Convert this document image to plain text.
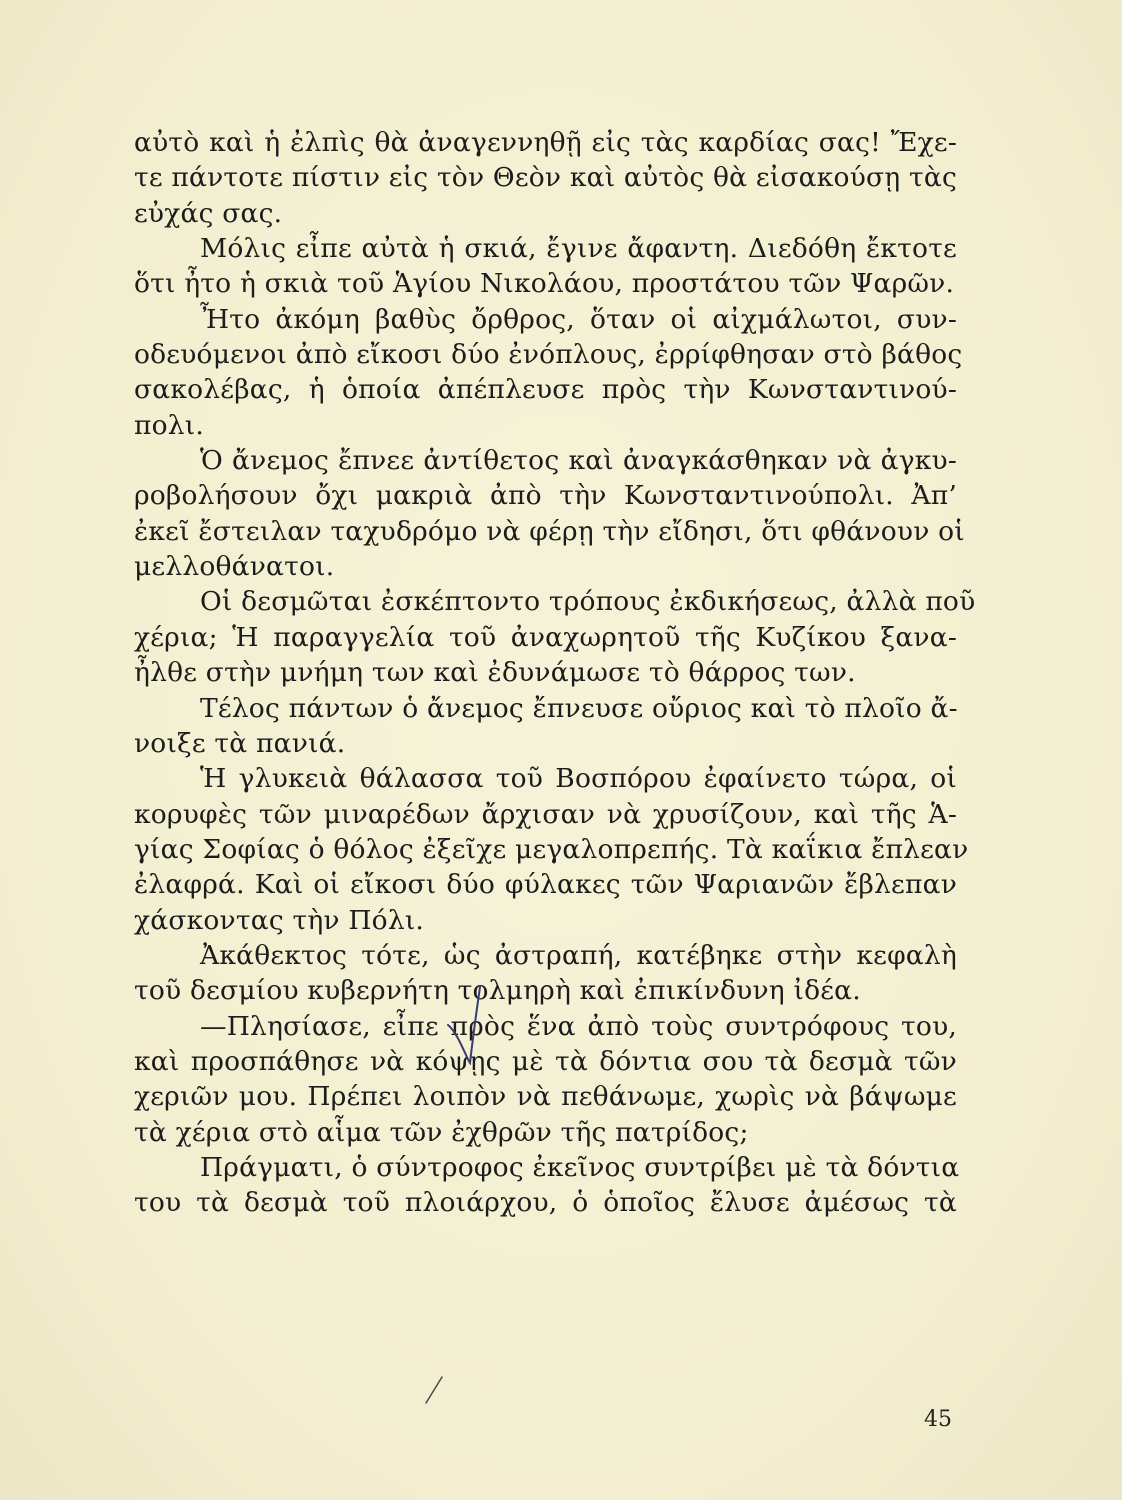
αὐτὸ καὶ ἡ ἐλπὶς θὰ ἀναγεννηθῇ εἰς τὰς καρδίας σας! Ἔχε-
τε πάντοτε πίστιν εἰς τὸν Θεὸν καὶ αὐτὸς θὰ εἰσακούσῃ τὰς
εὐχάς σας.
Μόλις εἶπε αὐτὰ ἡ σκιά, ἔγινε ἄφαντη. Διεδόθη ἔκτοτε
ὅτι ἦτο ἡ σκιὰ τοῦ Ἁγίου Νικολάου, προστάτου τῶν Ψαρῶν.
Ἦτο ἀκόμη βαθὺς ὄρθρος, ὅταν οἱ αἰχμάλωτοι, συν-
οδευόμενοι ἀπὸ εἴκοσι δύο ἐνόπλους, ἐρρίφθησαν στὸ βάθος
σακολέβας, ἡ ὁποία ἀπέπλευσε πρὸς τὴν Κωνσταντινού-
πολι.
Ὁ ἄνεμος ἔπνεε ἀντίθετος καὶ ἀναγκάσθηκαν νὰ ἀγκυ-
ροβολήσουν ὄχι μακριὰ ἀπὸ τὴν Κωνσταντινούπολι. Ἀπ’
ἐκεῖ ἔστειλαν ταχυδρόμο νὰ φέρῃ τὴν εἴδησι, ὅτι φθάνουν οἱ
μελλοθάνατοι.
Οἱ δεσμῶται ἐσκέπτοντο τρόπους ἐκδικήσεως, ἀλλὰ ποῦ
χέρια; Ἡ παραγγελία τοῦ ἀναχωρητοῦ τῆς Κυζίκου ξανα-
ἦλθε στὴν μνήμη των καὶ ἐδυνάμωσε τὸ θάρρος των.
Τέλος πάντων ὁ ἄνεμος ἔπνευσε οὔριος καὶ τὸ πλοῖο ἄ-
νοιξε τὰ πανιά.
Ἡ γλυκειὰ θάλασσα τοῦ Βοσπόρου ἐφαίνετο τώρα, οἱ
κορυφὲς τῶν μιναρέδων ἄρχισαν νὰ χρυσίζουν, καὶ τῆς Ἁ-
γίας Σοφίας ὁ θόλος ἐξεῖχε μεγαλοπρεπής. Τὰ καΐκια ἔπλεαν
ἐλαφρά. Καὶ οἱ εἴκοσι δύο φύλακες τῶν Ψαριανῶν ἔβλεπαν
χάσκοντας τὴν Πόλι.
Ἀκάθεκτος τότε, ὡς ἀστραπή, κατέβηκε στὴν κεφαλὴ
τοῦ δεσμίου κυβερνήτη τολμηρὴ καὶ ἐπικίνδυνη ἰδέα.
—Πλησίασε, εἶπε πρὸς ἕνα ἀπὸ τοὺς συντρόφους του,
καὶ προσπάθησε νὰ κόψῃς μὲ τὰ δόντια σου τὰ δεσμὰ τῶν
χεριῶν μου. Πρέπει λοιπὸν νὰ πεθάνωμε, χωρὶς νὰ βάψωμε
τὰ χέρια στὸ αἷμα τῶν ἐχθρῶν τῆς πατρίδος;
Πράγματι, ὁ σύντροφος ἐκεῖνος συντρίβει μὲ τὰ δόντια
του τὰ δεσμὰ τοῦ πλοιάρχου, ὁ ὁποῖος ἔλυσε ἀμέσως τὰ
45
